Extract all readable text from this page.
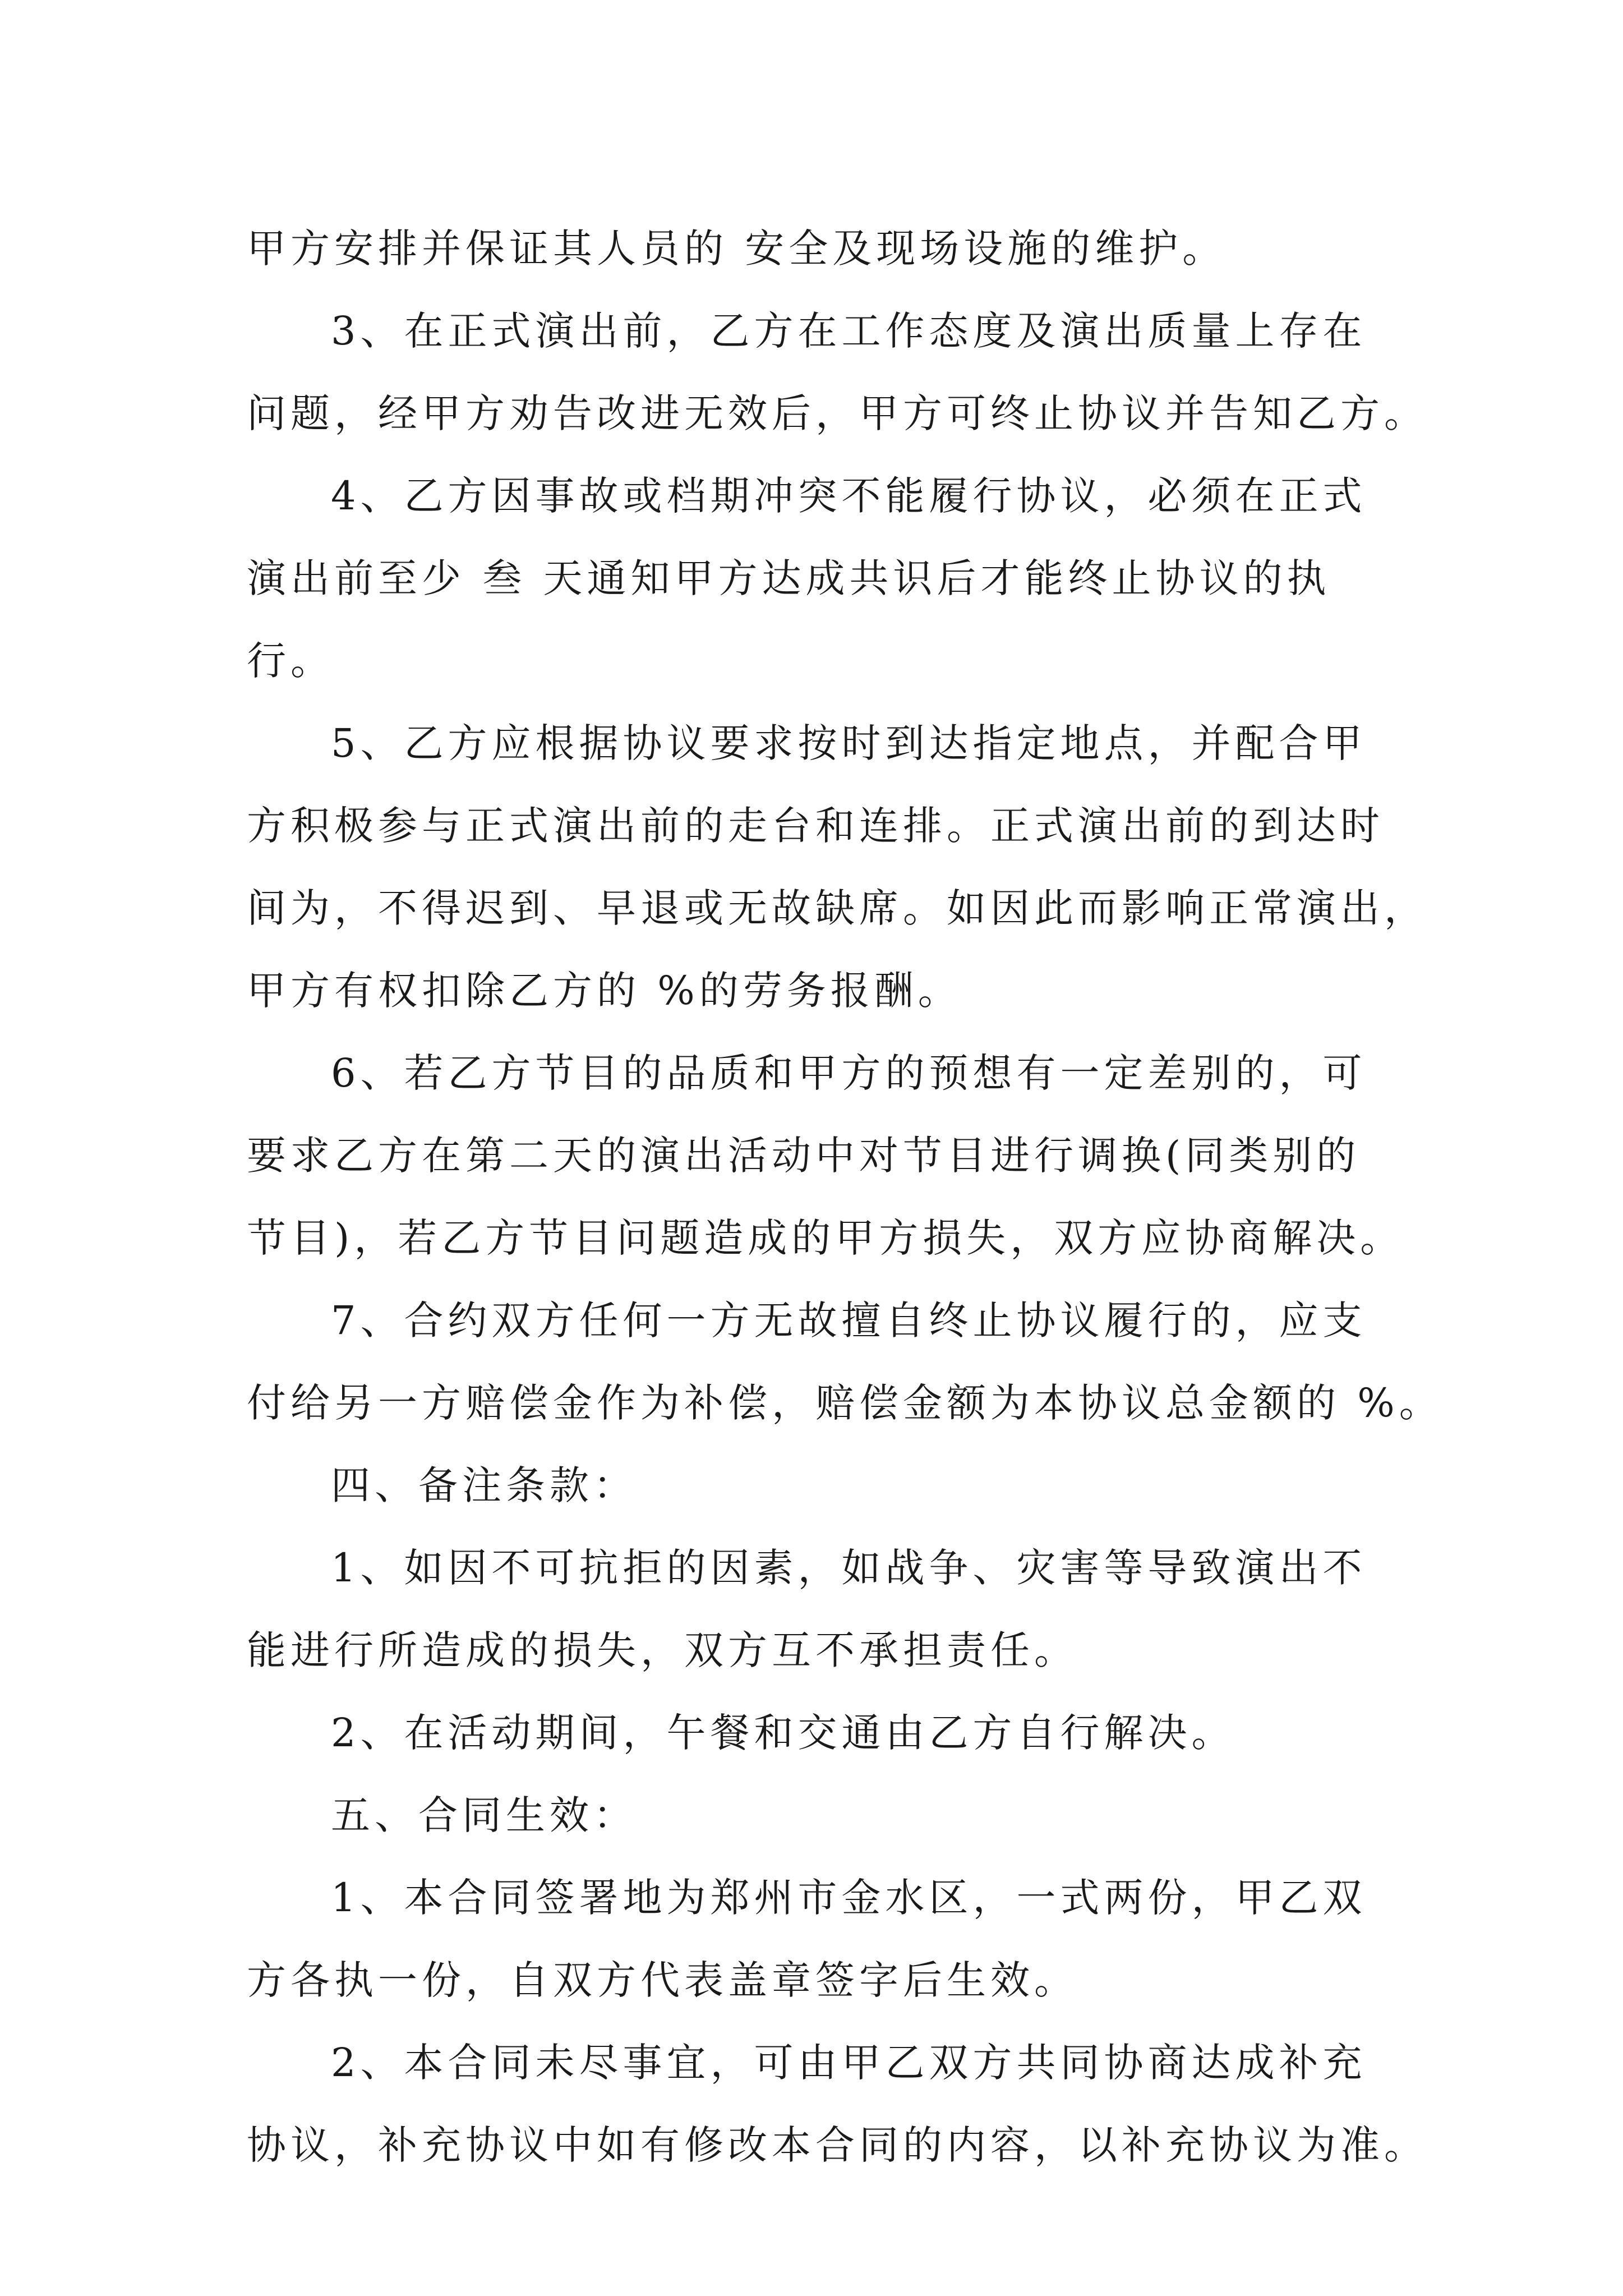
甲方安排并保证其人员的 安全及现场设施的维护。
3、在正式演出前，乙方在工作态度及演出质量上存在
问题，经甲方劝告改进无效后，甲方可终止协议并告知乙方。
4、乙方因事故或档期冲突不能履行协议，必须在正式
演出前至少 叁 天通知甲方达成共识后才能终止协议的执
行。
5、乙方应根据协议要求按时到达指定地点，并配合甲
方积极参与正式演出前的走台和连排。正式演出前的到达时
间为，不得迟到、早退或无故缺席。如因此而影响正常演出，
甲方有权扣除乙方的 %的劳务报酬。
6、若乙方节目的品质和甲方的预想有一定差别的，可
要求乙方在第二天的演出活动中对节目进行调换(同类别的
节目)，若乙方节目问题造成的甲方损失，双方应协商解决。
7、合约双方任何一方无故擅自终止协议履行的，应支
付给另一方赔偿金作为补偿，赔偿金额为本协议总金额的 %。
四、备注条款：
1、如因不可抗拒的因素，如战争、灾害等导致演出不
能进行所造成的损失，双方互不承担责任。
2、在活动期间，午餐和交通由乙方自行解决。
五、合同生效：
1、本合同签署地为郑州市金水区，一式两份，甲乙双
方各执一份，自双方代表盖章签字后生效。
2、本合同未尽事宜，可由甲乙双方共同协商达成补充
协议，补充协议中如有修改本合同的内容，以补充协议为准。
